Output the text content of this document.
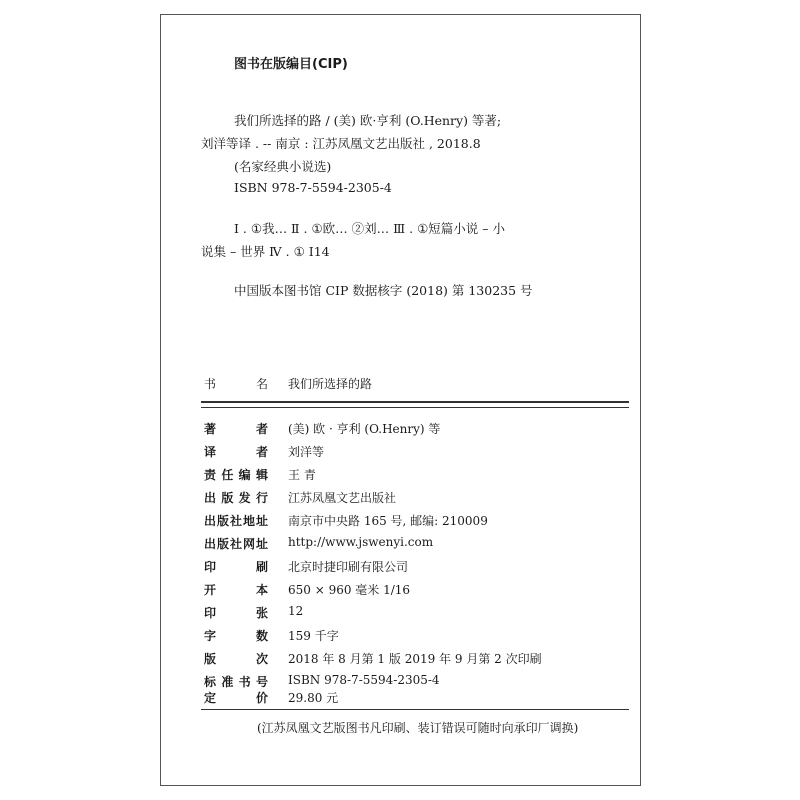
图书在版编目(CIP)
我们所选择的路 / (美) 欧·亨利 (O.Henry) 等著;
刘洋等译 . -- 南京 : 江苏凤凰文艺出版社 , 2018.8
(名家经典小说选)
ISBN 978-7-5594-2305-4
Ⅰ . ①我… Ⅱ . ①欧… ②刘… Ⅲ . ①短篇小说 – 小
说集 – 世界 Ⅳ . ① I14
中国版本图书馆 CIP 数据核字 (2018) 第 130235 号
书 名 我们所选择的路
著 者 (美) 欧 · 亨利 (O.Henry) 等
译 者 刘洋等
责任编辑 王 青
出版发行 江苏凤凰文艺出版社
出版社地址 南京市中央路 165 号, 邮编: 210009
出版社网址 http://www.jswenyi.com
印 刷 北京时捷印刷有限公司
开 本 650 × 960 毫米 1/16
印 张 12
字 数 159 千字
版 次 2018 年 8 月第 1 版 2019 年 9 月第 2 次印刷
标准书号 ISBN 978-7-5594-2305-4
定 价 29.80 元
(江苏凤凰文艺版图书凡印刷、装订错误可随时向承印厂调换)
